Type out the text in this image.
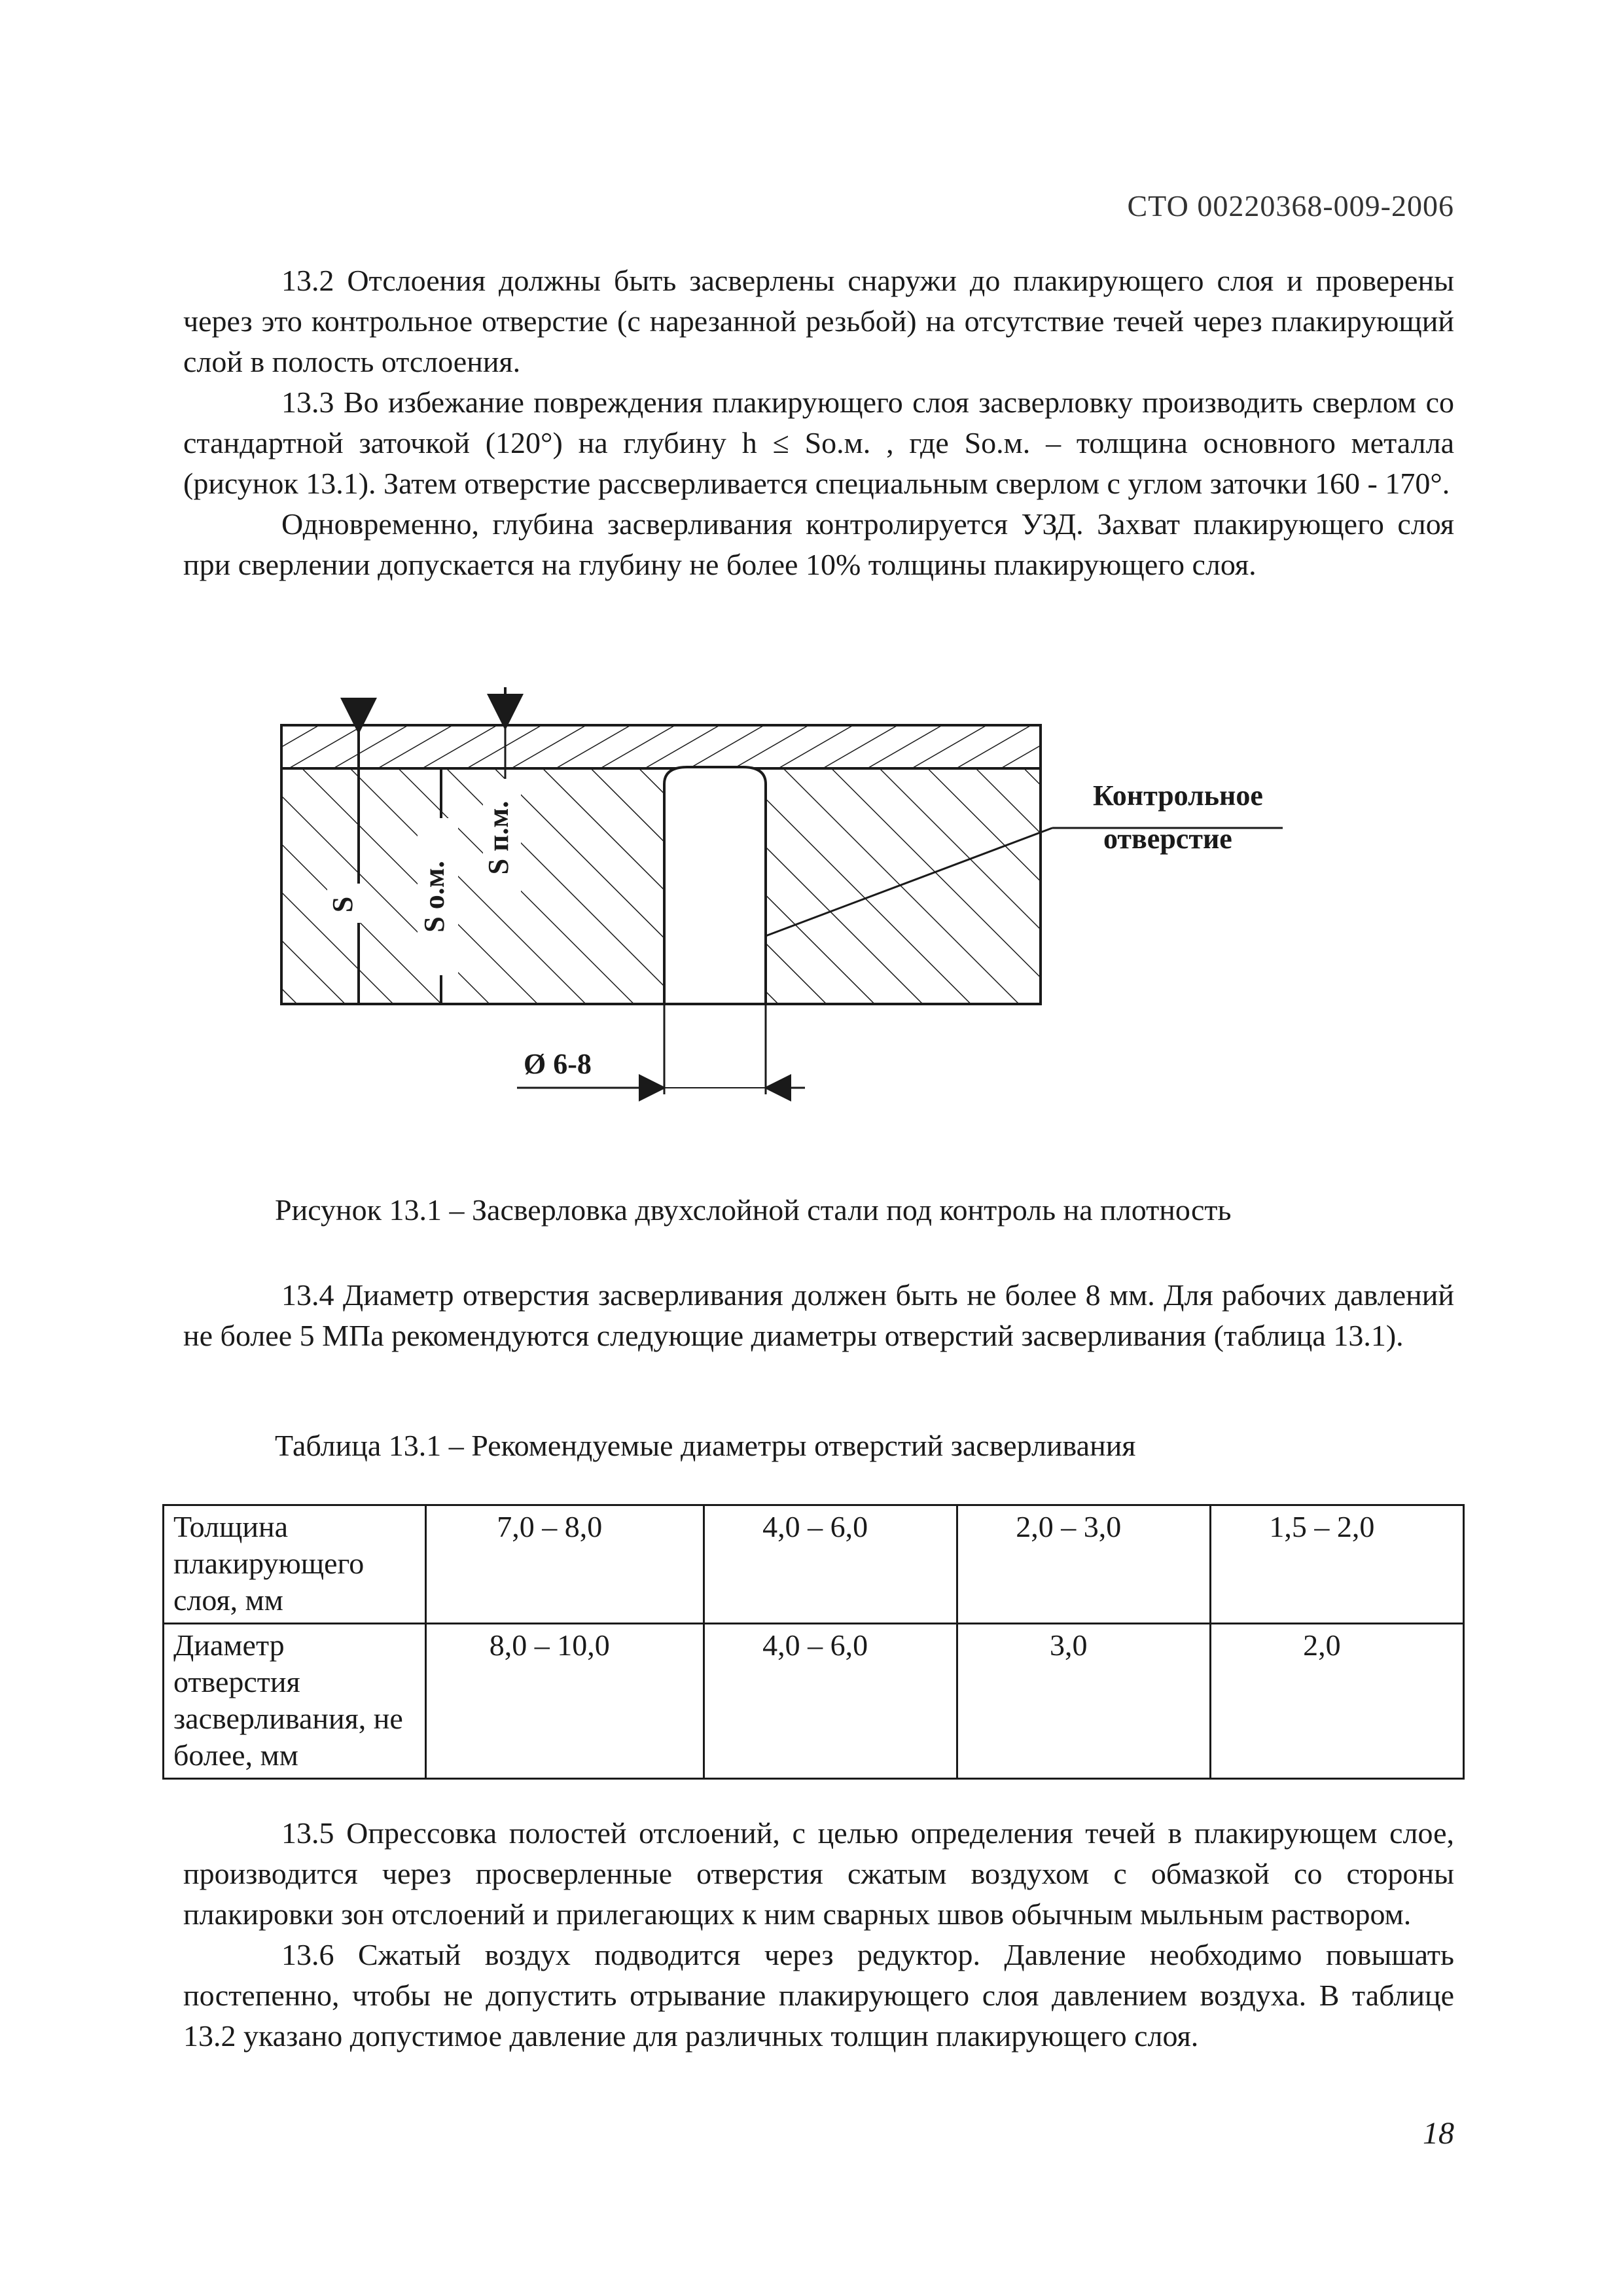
СТО 00220368-009-2006

13.2 Отслоения должны быть засверлены снаружи до плакирующего слоя и проверены через это контрольное отверстие (с нарезанной резьбой) на отсутствие течей через плакирующий слой в полость отслоения.

13.3 Во избежание повреждения плакирующего слоя засверловку производить сверлом со стандартной заточкой (120°) на глубину h ≤ So.м. , где So.м. – толщина основного металла (рисунок 13.1). Затем отверстие рассверливается специальным сверлом с углом заточки 160 - 170°.

Одновременно, глубина засверливания контролируется УЗД. Захват плакирующего слоя при сверлении допускается на глубину не более 10% толщины плакирующего слоя.

S S о.м.
S п.м.
Контрольное
отверстие
Ø 6-8
Рисунок 13.1 – Засверловка двухслойной стали под контроль на плотность

13.4 Диаметр отверстия засверливания должен быть не более 8 мм. Для рабочих давлений не более 5 МПа рекомендуются следующие диаметры отверстий засверливания (таблица 13.1).

Таблица 13.1 – Рекомендуемые диаметры отверстий засверливания
Толщина плакирующего слоя, мм	7,0 – 8,0	4,0 – 6,0	2,0 – 3,0	1,5 – 2,0
Диаметр отверстия засверливания, не более, мм	8,0 – 10,0	4,0 – 6,0	3,0	2,0

13.5 Опрессовка полостей отслоений, с целью определения течей в плакирующем слое, производится через просверленные отверстия сжатым воздухом с обмазкой со стороны плакировки зон отслоений и прилегающих к ним сварных швов обычным мыльным раствором.

13.6 Сжатый воздух подводится через редуктор. Давление необходимо повышать постепенно, чтобы не допустить отрывание плакирующего слоя давлением воздуха. В таблице 13.2 указано допустимое давление для различных толщин плакирующего слоя.

18
